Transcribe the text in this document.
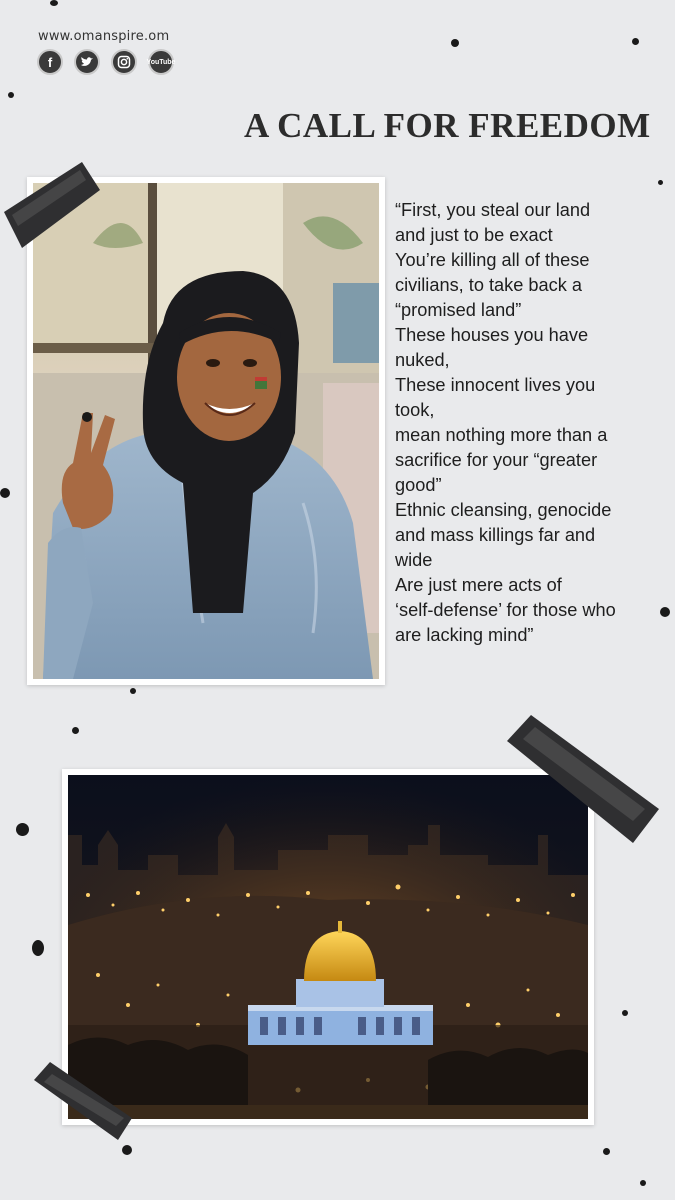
www.omanspire.om
f	You Tube
A CALL FOR FREEDOM
“First, you steal our land
and just to be exact
You’re killing all of these
civilians, to take back a
“promised land”
These houses you have
nuked,
These innocent lives you
took,
mean nothing more than a
sacrifice for your “greater
good”
Ethnic cleansing, genocide
and mass killings far and
wide
Are just mere acts of
‘self-defense’ for those who
are lacking mind”
